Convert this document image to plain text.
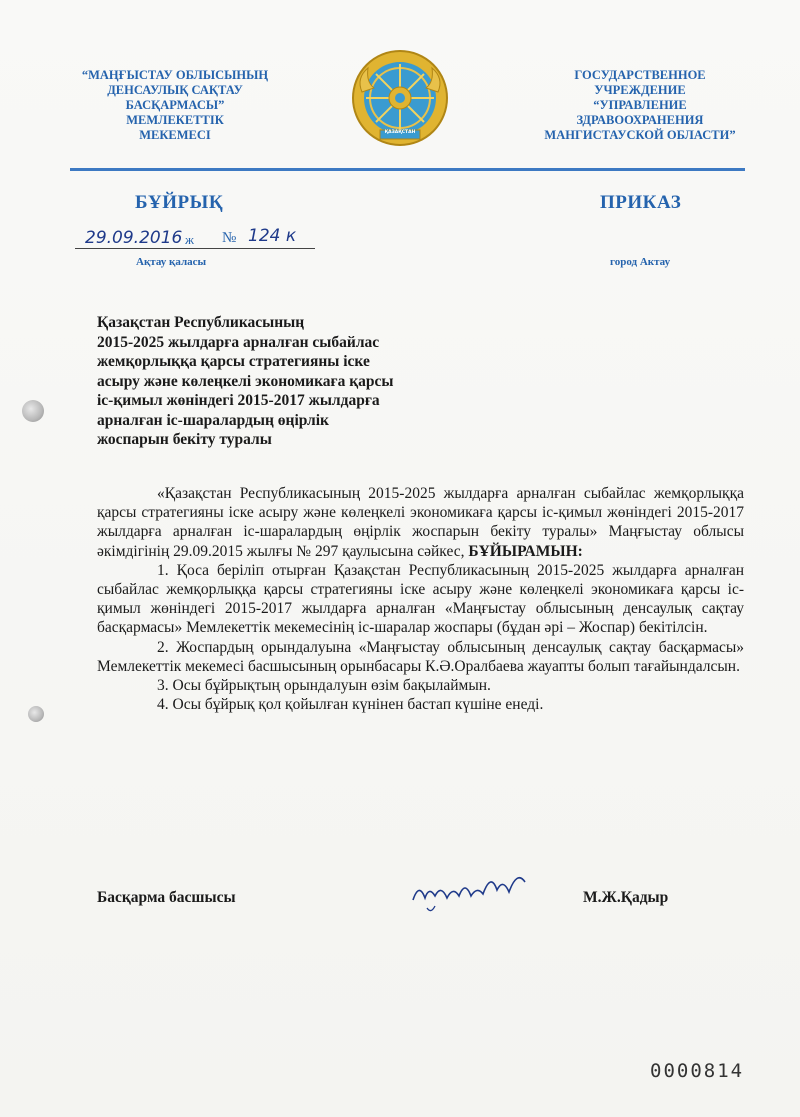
“МАҢҒЫСТАУ ОБЛЫСЫНЫҢ
ДЕНСАУЛЫҚ САҚТАУ
БАСҚАРМАСЫ”
МЕМЛЕКЕТТІК
МЕКЕМЕСІ	ҚАЗАҚСТАН
ГОСУДАРСТВЕННОЕ
УЧРЕЖДЕНИЕ
“УПРАВЛЕНИЕ
ЗДРАВООХРАНЕНИЯ
МАНГИСТАУСКОЙ ОБЛАСТИ”
БҰЙРЫҚ	ПРИКАЗ
29.09.2016 ж № 124 к
Ақтау қаласы	город Актау
Қазақстан Республикасының
2015-2025 жылдарға арналған сыбайлас
жемқорлыққа қарсы стратегияны іске
асыру және көлеңкелі экономикаға қарсы
іс-қимыл жөніндегі 2015-2017 жылдарға
арналған іс-шаралардың өңірлік
жоспарын бекіту туралы

«Қазақстан Республикасының 2015-2025 жылдарға арналған сыбайлас жемқорлыққа қарсы стратегияны іске асыру және көлеңкелі экономикаға қарсы іс-қимыл жөніндегі 2015-2017 жылдарға арналған іс-шаралардың өңірлік жоспарын бекіту туралы» Маңғыстау облысы әкімдігінің 29.09.2015 жылғы № 297 қаулысына сәйкес, БҰЙЫРАМЫН:

1. Қоса беріліп отырған Қазақстан Республикасының 2015-2025 жылдарға арналған сыбайлас жемқорлыққа қарсы стратегияны іске асыру және көлеңкелі экономикаға қарсы іс-қимыл жөніндегі 2015-2017 жылдарға арналған «Маңғыстау облысының денсаулық сақтау басқармасы» Мемлекеттік мекемесінің іс-шаралар жоспары (бұдан әрі – Жоспар) бекітілсін.

2. Жоспардың орындалуына «Маңғыстау облысының денсаулық сақтау басқармасы» Мемлекеттік мекемесі басшысының орынбасары К.Ә.Оралбаева жауапты болып тағайындалсын.

3. Осы бұйрықтың орындалуын өзім бақылаймын.

4. Осы бұйрық қол қойылған күнінен бастап күшіне енеді.

Басқарма басшысы	М.Ж.Қадыр
0000814
